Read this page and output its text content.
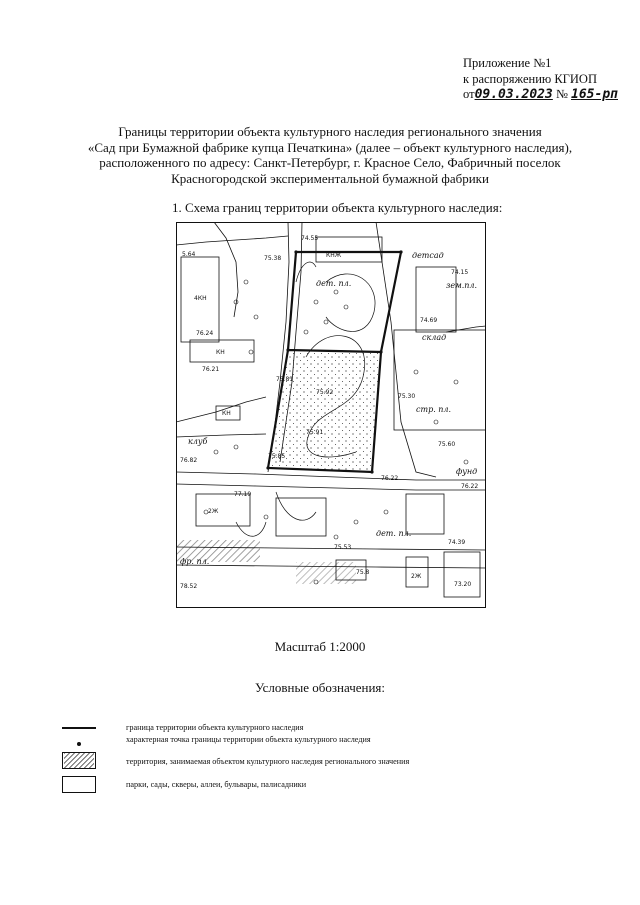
Приложение №1
к распоряжению КГИОП
от09.03.2023 № 165-рп
Границы территории объекта культурного наследия регионального значения
«Сад при Бумажной фабрике купца Печаткина» (далее – объект культурного наследия),
расположенного по адресу: Санкт-Петербург, г. Красное Село, Фабричный поселок
Красногородской экспериментальной бумажной фабрики
1. Схема границ территории объекта культурного наследия:
КНЖ	детсад
74.55
75.38
5.64
4КН
74.15
74.69
зем.пл.
дет. пл.
склад
КН
76.24
76.21
75.81
КН
75.30
стр. пл.
75.91
75.92
клуб
76.22
75.85
75.60
фунд
76.82
76.22
2Ж
77.19
дет. пл.
75.53
74.39
фр. пл.
2Ж
78.52
75.8
73.20
Масштаб 1:2000
Условные обозначения:
граница территории объекта культурного наследия
характерная точка границы территории объекта культурного наследия
территория, занимаемая объектом культурного наследия регионального значения
парки, сады, скверы, аллеи, бульвары, палисадники
